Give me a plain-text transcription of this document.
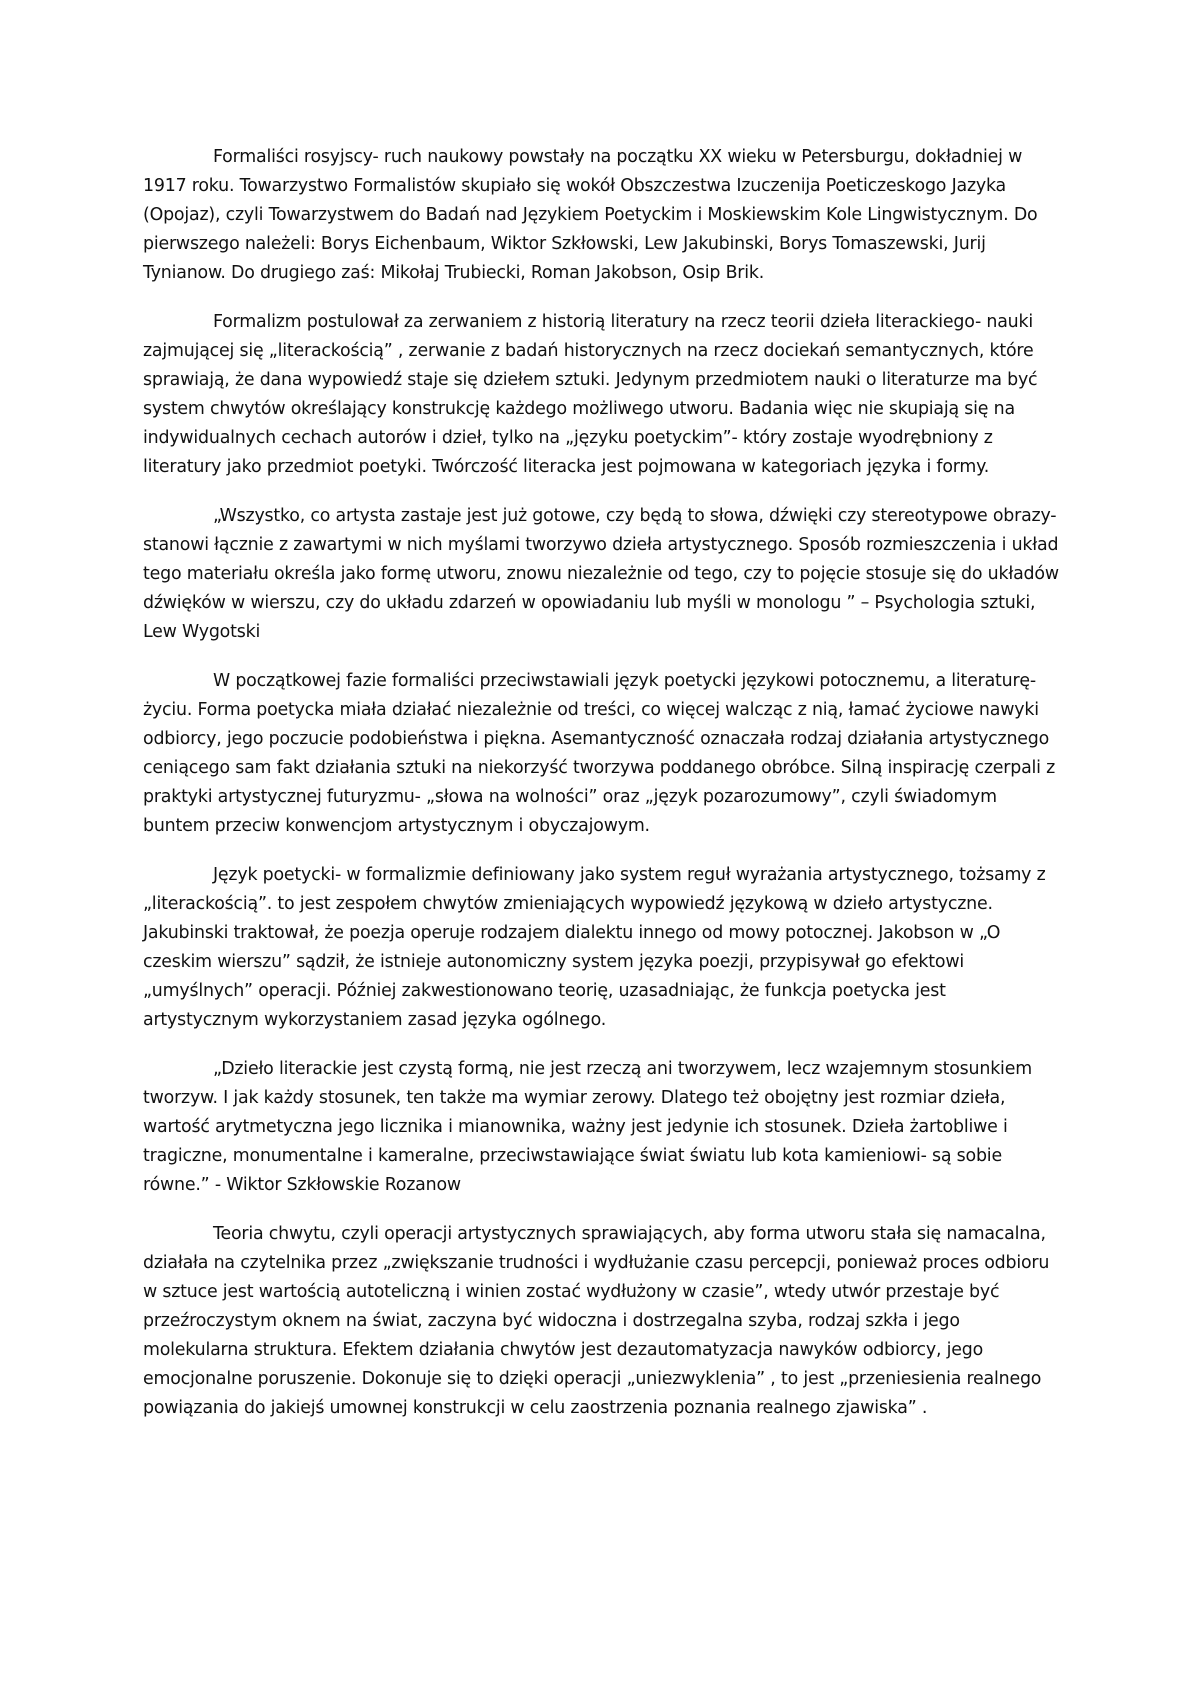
Formaliści rosyjscy- ruch naukowy powstały na początku XX wieku w Petersburgu, dokładniej w 1917 roku. Towarzystwo Formalistów skupiało się wokół Obszczestwa Izuczenija Poeticzeskogo Jazyka (Opojaz), czyli Towarzystwem do Badań nad Językiem Poetyckim i Moskiewskim Kole Lingwistycznym. Do pierwszego należeli: Borys Eichenbaum, Wiktor Szkłowski, Lew Jakubinski, Borys Tomaszewski, Jurij Tynianow. Do drugiego zaś: Mikołaj Trubiecki, Roman Jakobson, Osip Brik.

Formalizm postulował za zerwaniem z historią literatury na rzecz teorii dzieła literackiego- nauki zajmującej się „literackością” , zerwanie z badań historycznych na rzecz dociekań semantycznych, które sprawiają, że dana wypowiedź staje się dziełem sztuki. Jedynym przedmiotem nauki o literaturze ma być system chwytów określający konstrukcję każdego możliwego utworu. Badania więc nie skupiają się na indywidualnych cechach autorów i dzieł, tylko na „języku poetyckim”- który zostaje wyodrębniony z literatury jako przedmiot poetyki. Twórczość literacka jest pojmowana w kategoriach języka i formy.

„Wszystko, co artysta zastaje jest już gotowe, czy będą to słowa, dźwięki czy stereotypowe obrazy- stanowi łącznie z zawartymi w nich myślami tworzywo dzieła artystycznego. Sposób rozmieszczenia i układ tego materiału określa jako formę utworu, znowu niezależnie od tego, czy to pojęcie stosuje się do układów dźwięków w wierszu, czy do układu zdarzeń w opowiadaniu lub myśli w monologu ” – Psychologia sztuki, Lew Wygotski

W początkowej fazie formaliści przeciwstawiali język poetycki językowi potocznemu, a literaturę- życiu. Forma poetycka miała działać niezależnie od treści, co więcej walcząc z nią, łamać życiowe nawyki odbiorcy, jego poczucie podobieństwa i piękna. Asemantyczność oznaczała rodzaj działania artystycznego ceniącego sam fakt działania sztuki na niekorzyść tworzywa poddanego obróbce. Silną inspirację czerpali z praktyki artystycznej futuryzmu- „słowa na wolności” oraz „język pozarozumowy”, czyli świadomym buntem przeciw konwencjom artystycznym i obyczajowym.

Język poetycki- w formalizmie definiowany jako system reguł wyrażania artystycznego, tożsamy z „literackością”. to jest zespołem chwytów zmieniających wypowiedź językową w dzieło artystyczne. Jakubinski traktował, że poezja operuje rodzajem dialektu innego od mowy potocznej. Jakobson w „O czeskim wierszu” sądził, że istnieje autonomiczny system języka poezji, przypisywał go efektowi „umyślnych” operacji. Później zakwestionowano teorię, uzasadniając, że funkcja poetycka jest artystycznym wykorzystaniem zasad języka ogólnego.

„Dzieło literackie jest czystą formą, nie jest rzeczą ani tworzywem, lecz wzajemnym stosunkiem tworzyw. I jak każdy stosunek, ten także ma wymiar zerowy. Dlatego też obojętny jest rozmiar dzieła, wartość arytmetyczna jego licznika i mianownika, ważny jest jedynie ich stosunek. Dzieła żartobliwe i tragiczne, monumentalne i kameralne, przeciwstawiające świat światu lub kota kamieniowi- są sobie równe.” - Wiktor Szkłowskie Rozanow

Teoria chwytu, czyli operacji artystycznych sprawiających, aby forma utworu stała się namacalna, działała na czytelnika przez „zwiększanie trudności i wydłużanie czasu percepcji, ponieważ proces odbioru w sztuce jest wartością autoteliczną i winien zostać wydłużony w czasie”, wtedy utwór przestaje być przeźroczystym oknem na świat, zaczyna być widoczna i dostrzegalna szyba, rodzaj szkła i jego molekularna struktura. Efektem działania chwytów jest dezautomatyzacja nawyków odbiorcy, jego emocjonalne poruszenie. Dokonuje się to dzięki operacji „uniezwyklenia” , to jest „przeniesienia realnego powiązania do jakiejś umownej konstrukcji w celu zaostrzenia poznania realnego zjawiska” .
